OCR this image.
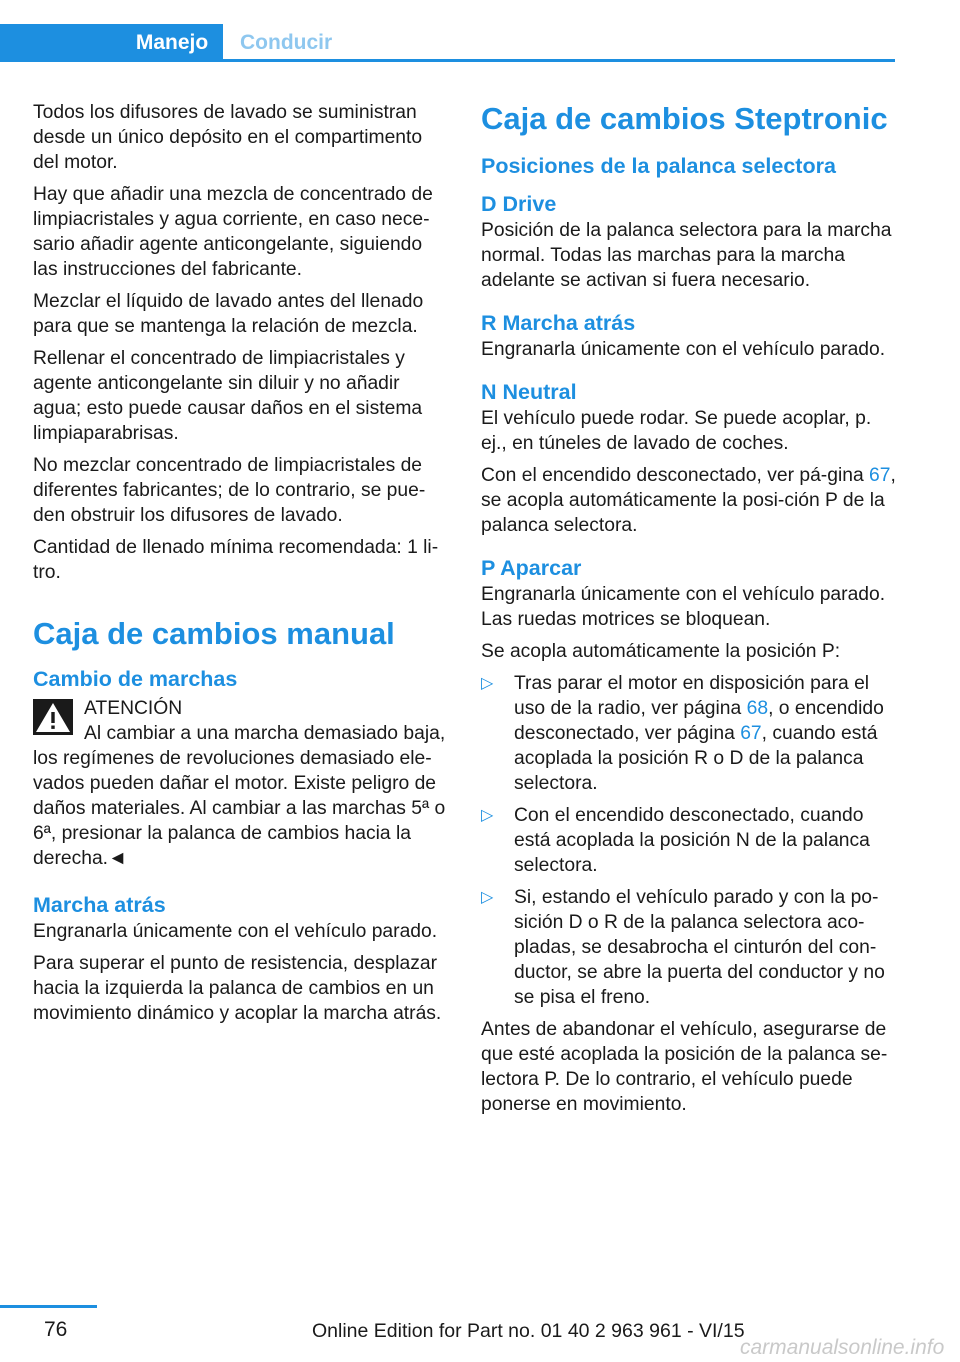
Manejo	Conducir

Todos los difusores de lavado se suministran desde un único depósito en el compartimento del motor.

Hay que añadir una mezcla de concentrado de limpiacristales y agua corriente, en caso nece‐sario añadir agente anticongelante, siguiendo las instrucciones del fabricante.

Mezclar el líquido de lavado antes del llenado para que se mantenga la relación de mezcla.

Rellenar el concentrado de limpiacristales y agente anticongelante sin diluir y no añadir agua; esto puede causar daños en el sistema limpiaparabrisas.

No mezclar concentrado de limpiacristales de diferentes fabricantes; de lo contrario, se pue‐den obstruir los difusores de lavado.

Cantidad de llenado mínima recomendada: 1 li‐tro.

Caja de cambios manual
Cambio de marchas
ATENCIÓN
Al cambiar a una marcha demasiado baja,
los regímenes de revoluciones demasiado ele‐vados pueden dañar el motor. Existe peligro de daños materiales. Al cambiar a las marchas 5ª o 6ª, presionar la palanca de cambios hacia la derecha.◄
Marcha atrás

Engranarla únicamente con el vehículo parado.

Para superar el punto de resistencia, desplazar hacia la izquierda la palanca de cambios en un movimiento dinámico y acoplar la marcha atrás.

Caja de cambios Steptronic
Posiciones de la palanca selectora
D Drive

Posición de la palanca selectora para la marcha normal. Todas las marchas para la marcha adelante se activan si fuera necesario.

R Marcha atrás

Engranarla únicamente con el vehículo parado.

N Neutral

El vehículo puede rodar. Se puede acoplar, p. ej., en túneles de lavado de coches.

Con el encendido desconectado, ver pá‐gina 67, se acopla automáticamente la posi‐ción P de la palanca selectora.

P Aparcar

Engranarla únicamente con el vehículo parado. Las ruedas motrices se bloquean.

Se acopla automáticamente la posición P:

▷ Tras parar el motor en disposición para el uso de la radio, ver página 68, o encendido desconectado, ver página 67, cuando está acoplada la posición R o D de la palanca selectora.
▷ Con el encendido desconectado, cuando está acoplada la posición N de la palanca selectora.
▷ Si, estando el vehículo parado y con la po‐sición D o R de la palanca selectora aco‐pladas, se desabrocha el cinturón del con‐ductor, se abre la puerta del conductor y no se pisa el freno.

Antes de abandonar el vehículo, asegurarse de que esté acoplada la posición de la palanca se‐lectora P. De lo contrario, el vehículo puede ponerse en movimiento.

76	Online Edition for Part no. 01 40 2 963 961 - VI/15
carmanualsonline.info
